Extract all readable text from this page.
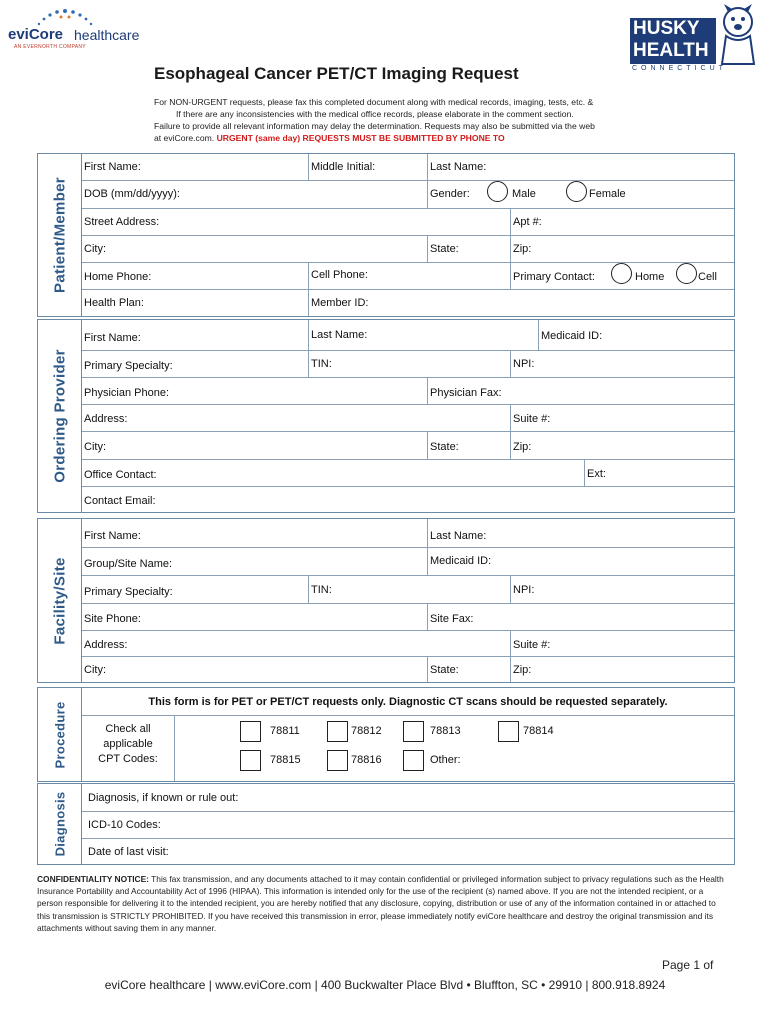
eviCore healthcare
AN EVERNORTH COMPANY
HUSKY
HEALTH
CONNECTICUT
Esophageal Cancer PET/CT Imaging Request
For NON-URGENT requests, please fax this completed document along with medical records, imaging, tests, etc. &
If there are any inconsistencies with the medical office records, please elaborate in the comment section.
Failure to provide all relevant information may delay the determination. Requests may also be submitted via the web
at eviCore.com. URGENT (same day) REQUESTS MUST BE SUBMITTED BY PHONE TO
Patient/Member
First Name:	Middle Initial:	Last Name:
DOB (mm/dd/yyyy):	Gender:	Male	Female
Street Address:	Apt #:
City:	State:	Zip:
Home Phone:	Cell Phone:	Primary Contact:	Home	Cell
Health Plan:	Member ID:
Ordering Provider
First Name:	Last Name:	Medicaid ID:
Primary Specialty:	TIN:	NPI:
Physician Phone:	Physician Fax:
Address:	Suite #:
City:	State:	Zip:
Office Contact:	Ext:
Contact Email:
Facility/Site
First Name:	Last Name:
Group/Site Name:	Medicaid ID:
Primary Specialty:	TIN:	NPI:
Site Phone:	Site Fax:
Address:	Suite #:
City:	State:	Zip:
Procedure	This form is for PET or PET/CT requests only. Diagnostic CT scans should be requested separately.
Check all
applicable
CPT Codes:
78811	78812	78813	78814
78815	78816	Other:
Diagnosis Diagnosis, if known or rule out:
ICD-10 Codes:
Date of last visit:
CONFIDENTIALITY NOTICE: This fax transmission, and any documents attached to it may contain confidential or privileged information subject to privacy regulations such as the Health Insurance Portability and Accountability Act of 1996 (HIPAA). This information is intended only for the use of the recipient (s) named above. If you are not the intended recipient, or a person responsible for delivering it to the intended recipient, you are hereby notified that any disclosure, copying, distribution or use of any of the information contained in or attached to this transmission is STRICTLY PROHIBITED. If you have received this transmission in error, please immediately notify eviCore healthcare and destroy the original transmission and its attachments without saving them in any manner.
Page 1 of
eviCore healthcare | www.eviCore.com | 400 Buckwalter Place Blvd • Bluffton, SC • 29910 | 800.918.8924
